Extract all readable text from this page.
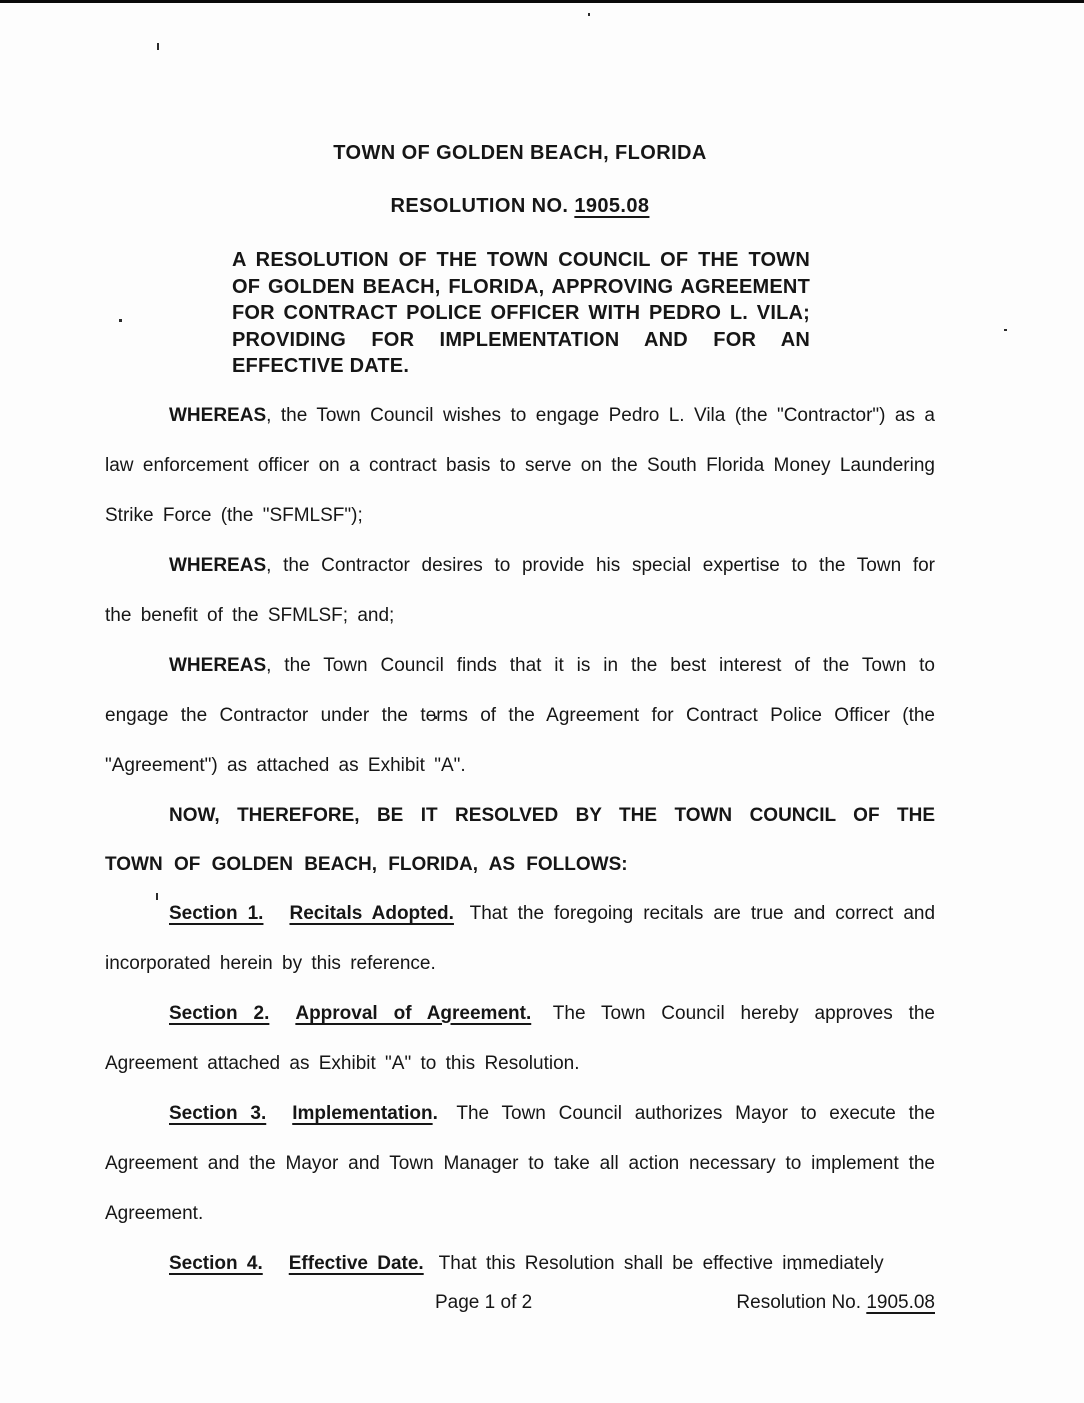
TOWN OF GOLDEN BEACH, FLORIDA
RESOLUTION NO. 1905.08

A RESOLUTION OF THE TOWN COUNCIL OF THE TOWN OF GOLDEN BEACH, FLORIDA, APPROVING AGREEMENT FOR CONTRACT POLICE OFFICER WITH PEDRO L. VILA; PROVIDING FOR IMPLEMENTATION AND FOR AN EFFECTIVE DATE.

WHEREAS, the Town Council wishes to engage Pedro L. Vila (the "Contractor") as a law enforcement officer on a contract basis to serve on the South Florida Money Laundering Strike Force (the "SFMLSF");

WHEREAS, the Contractor desires to provide his special expertise to the Town for the benefit of the SFMLSF; and;

WHEREAS, the Town Council finds that it is in the best interest of the Town to engage the Contractor under the terms of the Agreement for Contract Police Officer (the "Agreement") as attached as Exhibit "A".

NOW, THEREFORE, BE IT RESOLVED BY THE TOWN COUNCIL OF THE TOWN OF GOLDEN BEACH, FLORIDA, AS FOLLOWS:

Section 1. Recitals Adopted. That the foregoing recitals are true and correct and incorporated herein by this reference.

Section 2. Approval of Agreement. The Town Council hereby approves the Agreement attached as Exhibit "A" to this Resolution.

Section 3. Implementation. The Town Council authorizes Mayor to execute the Agreement and the Mayor and Town Manager to take all action necessary to implement the Agreement.

Section 4. Effective Date. That this Resolution shall be effective immediately

Page 1 of 2	Resolution No. 1905.08
